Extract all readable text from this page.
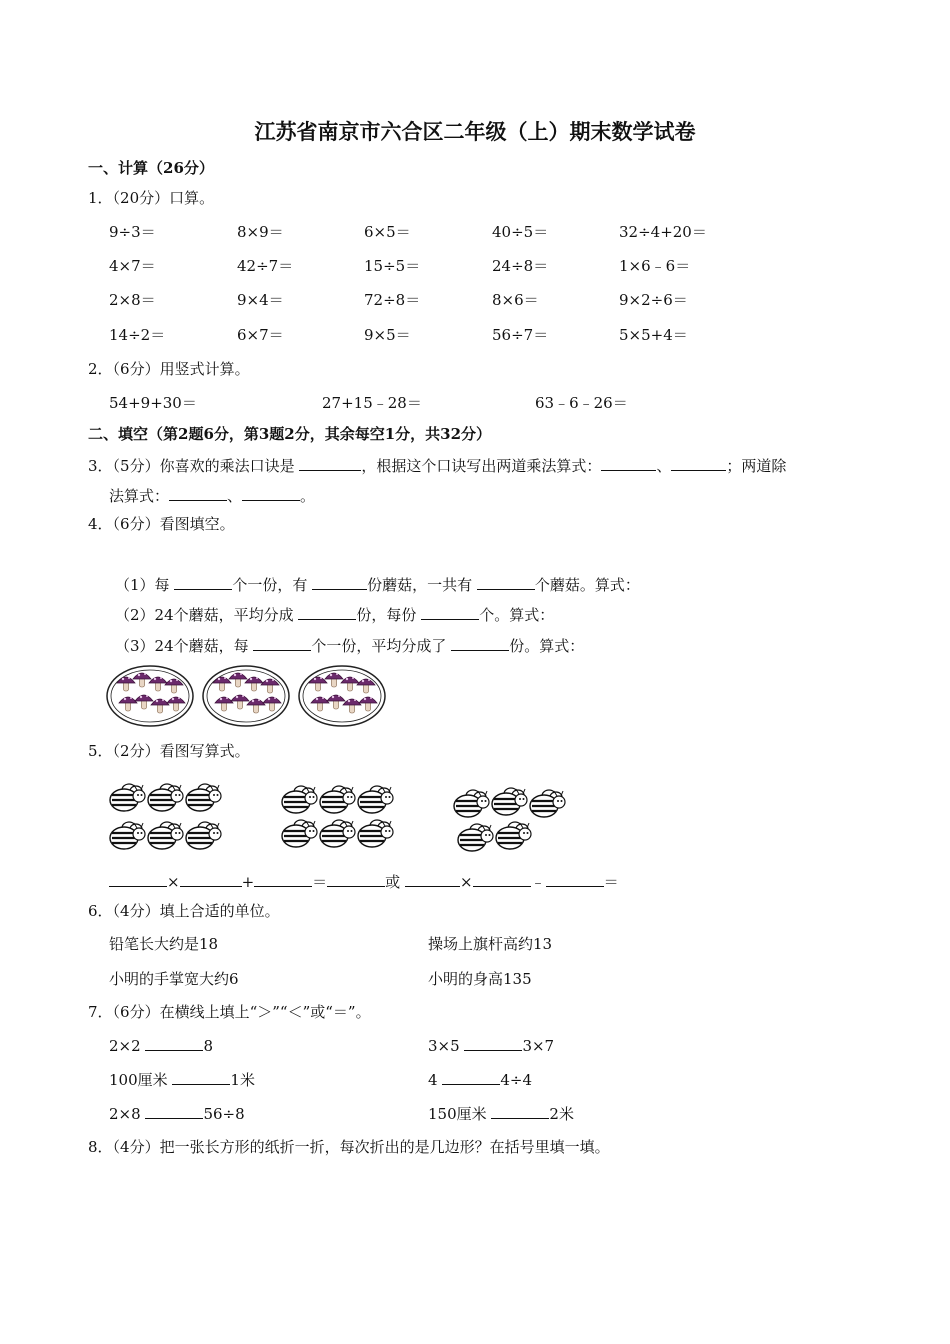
江苏省南京市六合区二年级（上）期末数学试卷
一、计算（26分）
1．（20分）口算。
9÷3＝	8×9＝	6×5＝	40÷5＝	32÷4+20＝
4×7＝	42÷7＝	15÷5＝	24÷8＝	1×6﹣6＝
2×8＝	9×4＝	72÷8＝	8×6＝	9×2÷6＝
14÷2＝	6×7＝	9×5＝	56÷7＝	5×5+4＝
2．（6分）用竖式计算。
54+9+30＝	27+15﹣28＝	63﹣6﹣26＝
二、填空（第2题6分，第3题2分，其余每空1分，共32分）
3．（5分）你喜欢的乘法口诀是	，根据这个口诀写出两道乘法算式：	、	；两道除
法算式：	、	。
4．（6分）看图填空。
（1）每	个一份，有	份蘑菇，一共有	个蘑菇。算式：
（2）24个蘑菇，平均分成	份，每份	个。算式：
（3）24个蘑菇，每	个一份，平均分成了	份。算式：
5．（2分）看图写算式。
×	+	＝	或	×	﹣	＝
6．（4分）填上合适的单位。
铅笔长大约是18	操场上旗杆高约13
小明的手掌宽大约6	小明的身高135
7．（6分）在横线上填上“＞”“＜”或“＝”。
2×2	8	3×5	3×7
100厘米	1米	4	4÷4
2×8	56÷8	150厘米	2米
8．（4分）把一张长方形的纸折一折，每次折出的是几边形？在括号里填一填。
